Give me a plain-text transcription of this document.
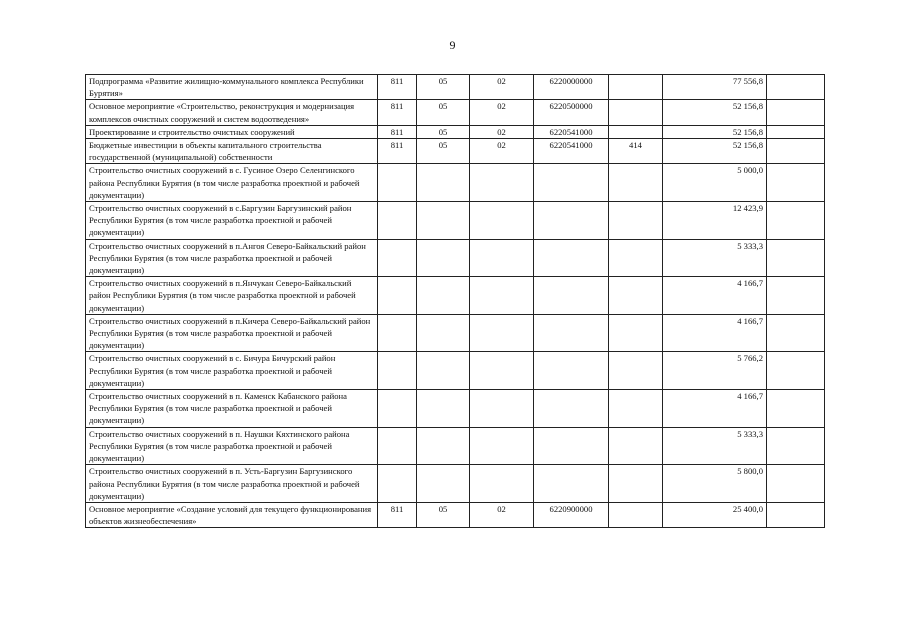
9
Подпрограмма «Развитие жилищно-коммунального комплекса Республики Бурятия»	811	05	02	6220000000		77 556,8	
Основное мероприятие «Строительство, реконструкция и модернизация комплексов очистных сооружений и систем водоотведения»	811	05	02	6220500000		52 156,8	
Проектирование и строительство очистных сооружений	811	05	02	6220541000		52 156,8	
Бюджетные инвестиции в объекты капитального строительства государственной (муниципальной) собственности	811	05	02	6220541000	414	52 156,8	
Строительство очистных сооружений в с. Гусиное Озеро Селенгинского района Республики Бурятия (в том числе разработка проектной и рабочей документации)						5 000,0	
Строительство очистных сооружений в с.Баргузин Баргузинский район Республики Бурятия (в том числе разработка проектной и рабочей документации)						12 423,9	
Строительство очистных сооружений в п.Ангоя Северо-Байкальский район Республики Бурятия (в том числе разработка проектной и рабочей документации)						5 333,3	
Строительство очистных сооружений в п.Янчукан Северо-Байкальский район Республики Бурятия (в том числе разработка проектной и рабочей документации)						4 166,7	
Строительство очистных сооружений в п.Кичера Северо-Байкальский район Республики Бурятия (в том числе разработка проектной и рабочей документации)						4 166,7	
Строительство очистных сооружений в с. Бичура Бичурский район Республики Бурятия (в том числе разработка проектной и рабочей документации)						5 766,2	
Строительство очистных сооружений в п. Каменск Кабанского района Республики Бурятия (в том числе разработка проектной и рабочей документации)						4 166,7	
Строительство очистных сооружений в п. Наушки Кяхтинского района Республики Бурятия (в том числе разработка проектной и рабочей документации)						5 333,3	
Строительство очистных сооружений в п. Усть-Баргузин Баргузинского района Республики Бурятия (в том числе разработка проектной и рабочей документации)						5 800,0	
Основное мероприятие «Создание условий для текущего функционирования объектов жизнеобеспечения»	811	05	02	6220900000		25 400,0	
